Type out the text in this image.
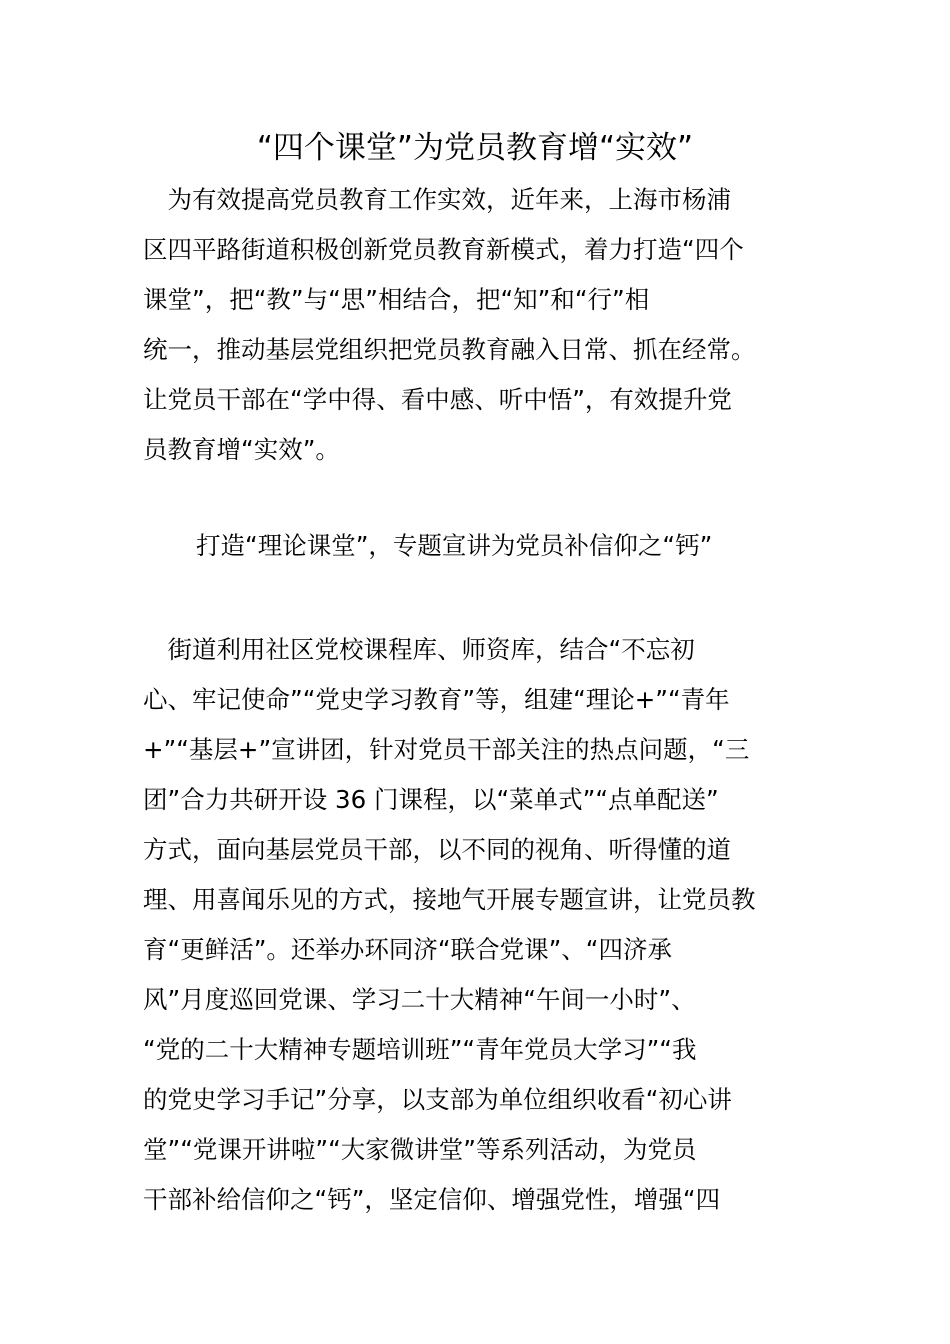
“四个课堂”为党员教育增“实效”
　为有效提高党员教育工作实效，近年来，上海市杨浦
区四平路街道积极创新党员教育新模式，着力打造“四个
课堂”，把“教”与“思”相结合，把“知”和“行”相
统一，推动基层党组织把党员教育融入日常、抓在经常。
让党员干部在“学中得、看中感、听中悟”，有效提升党
员教育增“实效”。
打造“理论课堂”，专题宣讲为党员补信仰之“钙”
　街道利用社区党校课程库、师资库，结合“不忘初
心、牢记使命”“党史学习教育”等，组建“理论+”“青年
+”“基层+”宣讲团，针对党员干部关注的热点问题，“三
团”合力共研开设 36 门课程，以“菜单式”“点单配送”
方式，面向基层党员干部，以不同的视角、听得懂的道
理、用喜闻乐见的方式，接地气开展专题宣讲，让党员教
育“更鲜活”。还举办环同济“联合党课”、“四济承
风”月度巡回党课、学习二十大精神“午间一小时”、
“党的二十大精神专题培训班”“青年党员大学习”“我
的党史学习手记”分享，以支部为单位组织收看“初心讲
堂”“党课开讲啦”“大家微讲堂”等系列活动，为党员
干部补给信仰之“钙”，坚定信仰、增强党性，增强“四
